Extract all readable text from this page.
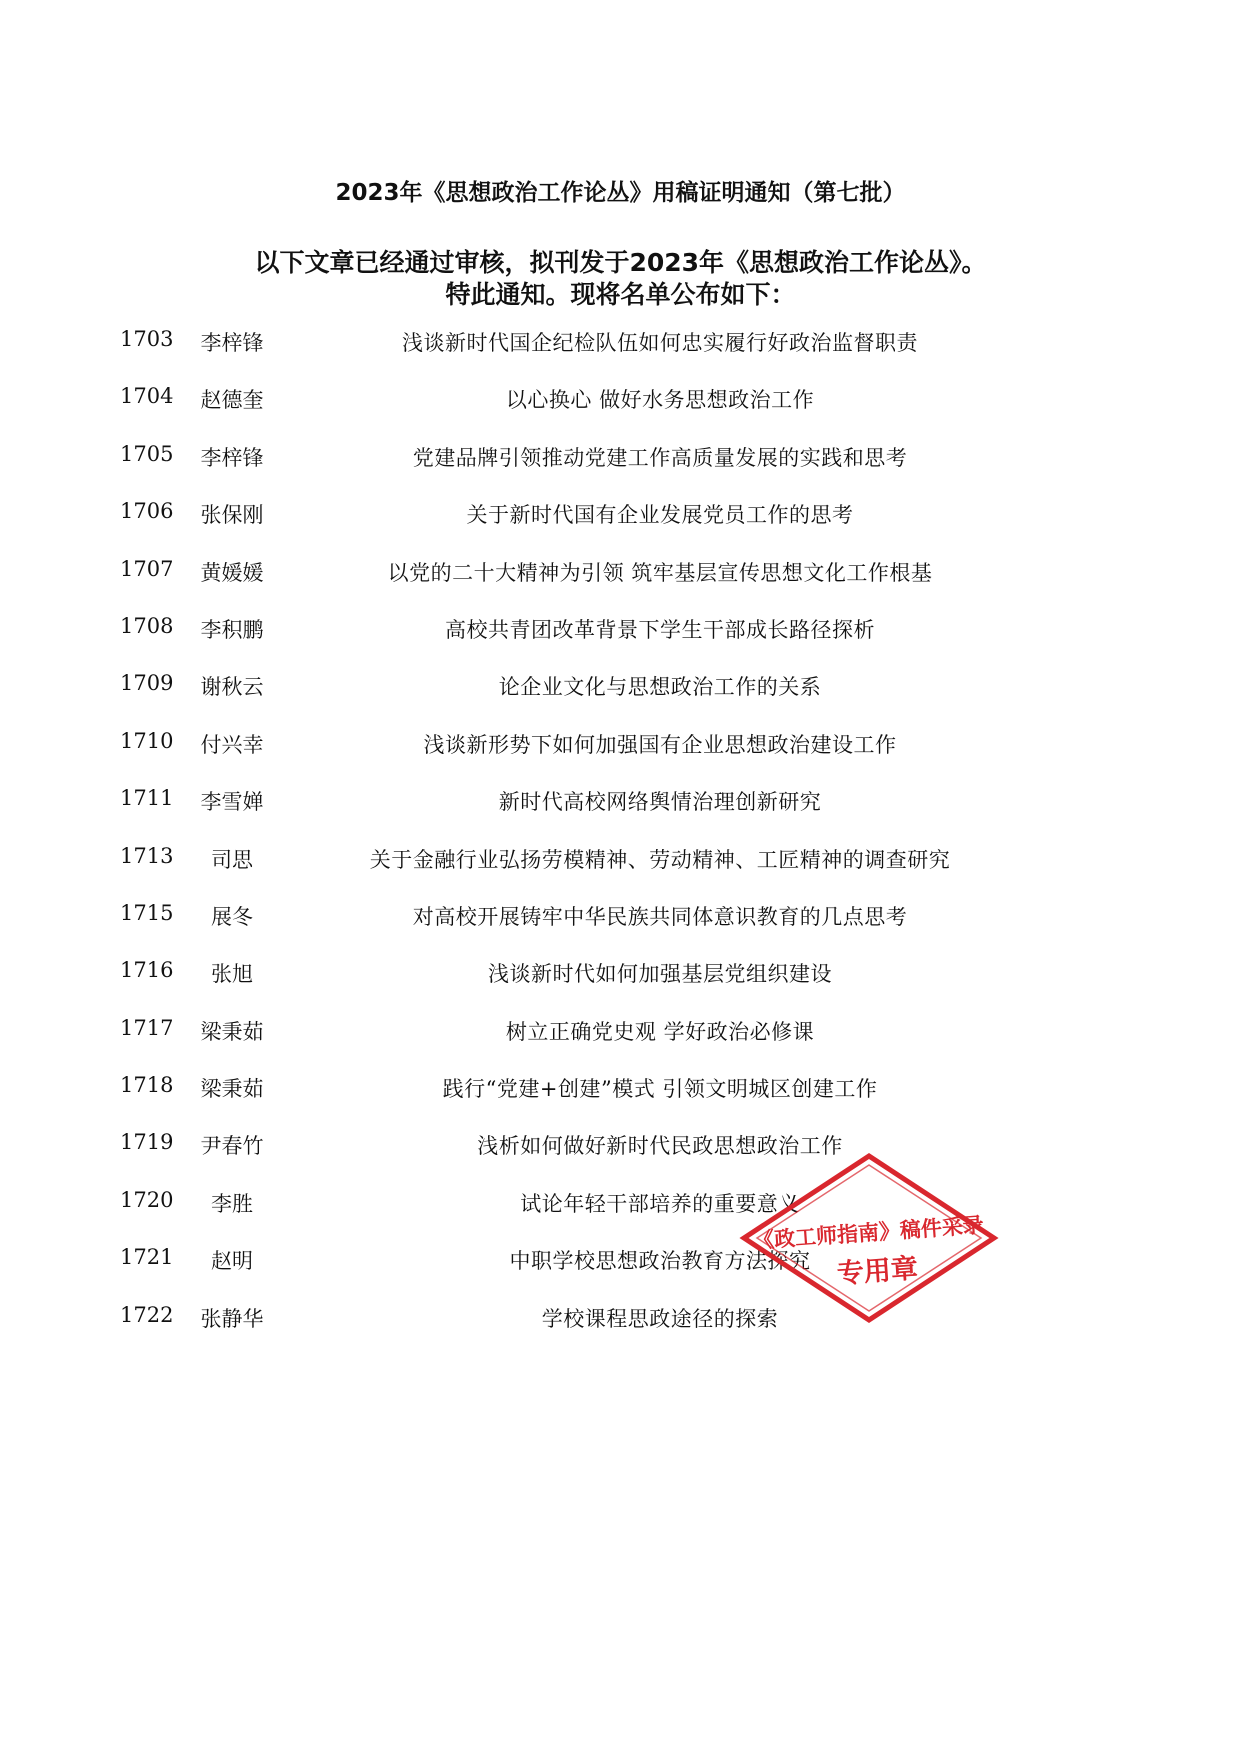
2023年《思想政治工作论丛》用稿证明通知（第七批）
以下文章已经通过审核，拟刊发于2023年《思想政治工作论丛》。
特此通知。现将名单公布如下：
1703	李梓锋	浅谈新时代国企纪检队伍如何忠实履行好政治监督职责
1704	赵德奎	以心换心 做好水务思想政治工作
1705	李梓锋	党建品牌引领推动党建工作高质量发展的实践和思考
1706	张保刚	关于新时代国有企业发展党员工作的思考
1707	黄媛媛	以党的二十大精神为引领 筑牢基层宣传思想文化工作根基
1708	李积鹏	高校共青团改革背景下学生干部成长路径探析
1709	谢秋云	论企业文化与思想政治工作的关系
1710	付兴幸	浅谈新形势下如何加强国有企业思想政治建设工作
1711	李雪婵	新时代高校网络舆情治理创新研究
1713	司思	关于金融行业弘扬劳模精神、劳动精神、工匠精神的调查研究
1715	展冬	对高校开展铸牢中华民族共同体意识教育的几点思考
1716	张旭	浅谈新时代如何加强基层党组织建设
1717	梁秉茹	树立正确党史观 学好政治必修课
1718	梁秉茹	践行“党建+创建”模式 引领文明城区创建工作
1719	尹春竹	浅析如何做好新时代民政思想政治工作
1720	李胜	试论年轻干部培养的重要意义
1721	赵明	中职学校思想政治教育方法探究
1722	张静华	学校课程思政途径的探索
《政工师指南》稿件采录
专用章
